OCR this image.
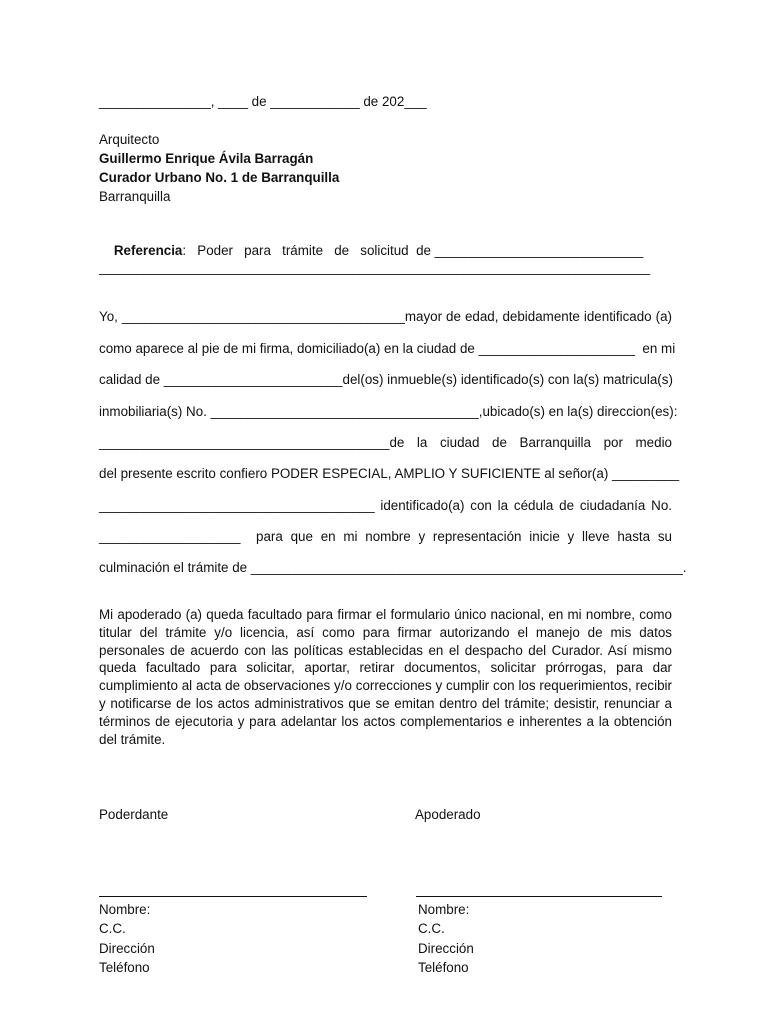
_______________, ____ de ____________ de 202___
Arquitecto
Guillermo Enrique Ávila Barragán
Curador Urbano No. 1 de Barranquilla
Barranquilla

Referencia:   Poder   para   trámite   de   solicitud  de ____________________________

__________________________________________________________________________
Yo, ______________________________________mayor de edad, debidamente identificado (a)
como aparece al pie de mi firma, domiciliado(a) en la ciudad de _____________________  en mi
calidad de ________________________del(os) inmueble(s) identificado(s) con la(s) matricula(s)
inmobiliaria(s) No. ____________________________________,ubicado(s) en la(s) direccion(es):
_______________________________________de la ciudad de Barranquilla por medio
del presente escrito confiero PODER ESPECIAL, AMPLIO Y SUFICIENTE al señor(a) _________
_____________________________________ identificado(a) con la cédula de ciudadanía No.
___________________  para que en mi nombre y representación inicie y lleve hasta su
culminación el trámite de __________________________________________________________.
Mi apoderado (a) queda facultado para firmar el formulario único nacional, en mi nombre, como titular del trámite y/o licencia, así como para firmar autorizando el manejo de mis datos personales de acuerdo con las políticas establecidas en el despacho del Curador. Así mismo queda facultado para solicitar, aportar, retirar documentos, solicitar prórrogas, para dar cumplimiento al acta de observaciones y/o correcciones y cumplir con los requerimientos, recibir y notificarse de los actos administrativos que se emitan dentro del trámite; desistir, renunciar a términos de ejecutoria y para adelantar los actos complementarios e inherentes a la obtención del trámite.
Poderdante	Apoderado
Nombre:
C.C.
Dirección
Teléfono
Nombre:
C.C.
Dirección
Teléfono
